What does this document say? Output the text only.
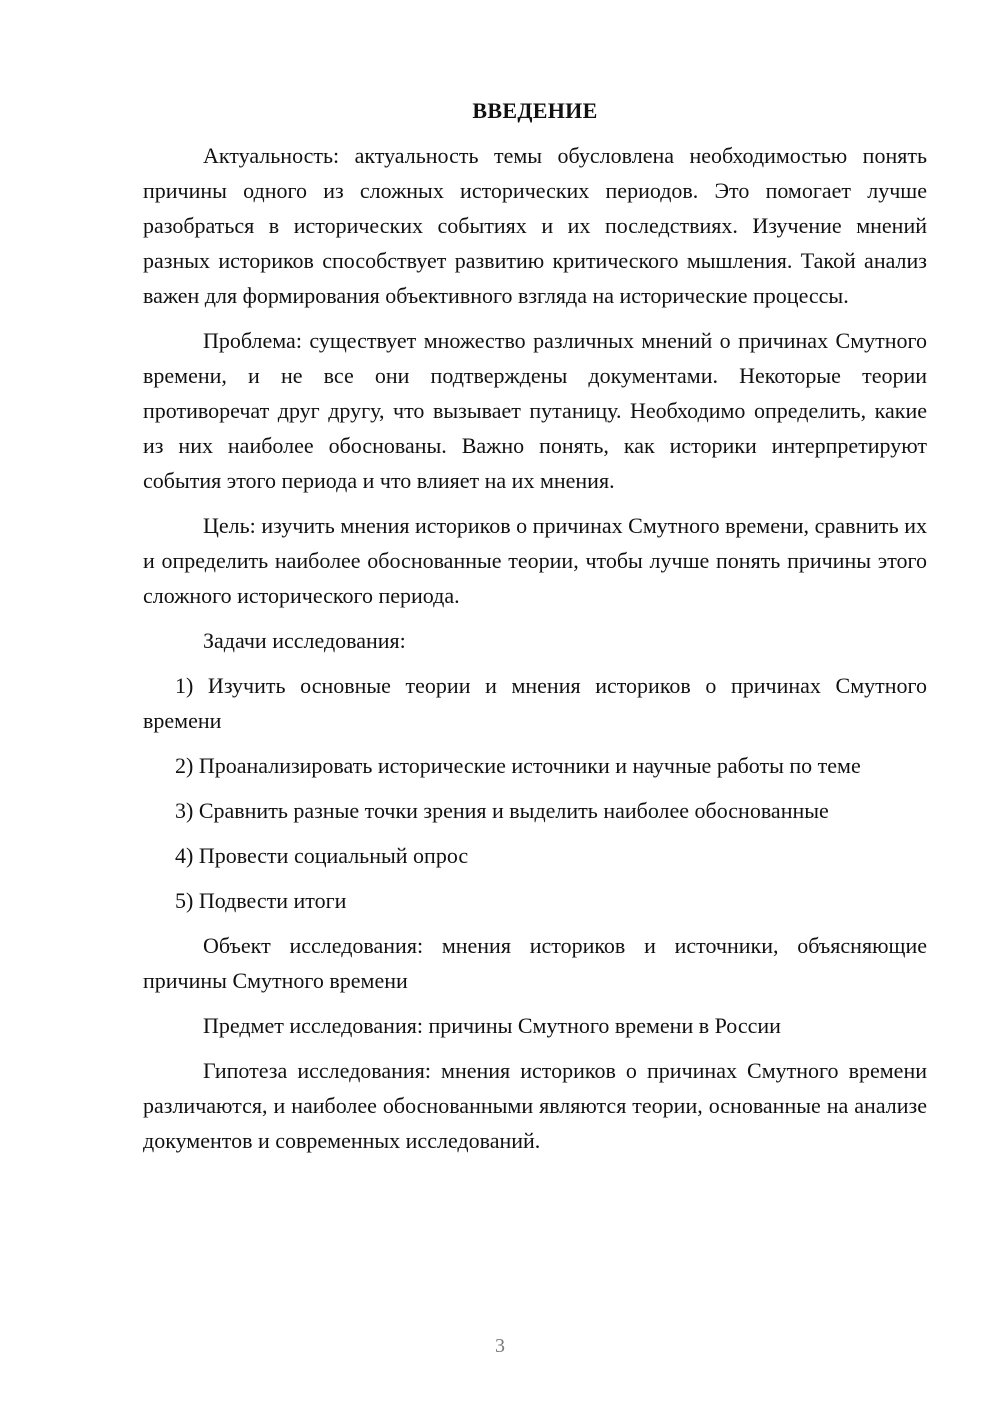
ВВЕДЕНИЕ

Актуальность: актуальность темы обусловлена необходимостью понять причины одного из сложных исторических периодов. Это помогает лучше разобраться в исторических событиях и их последствиях. Изучение мнений разных историков способствует развитию критического мышления. Такой анализ важен для формирования объективного взгляда на исторические процессы.

Проблема: существует множество различных мнений о причинах Смутного времени, и не все они подтверждены документами. Некоторые теории противоречат друг другу, что вызывает путаницу. Необходимо определить, какие из них наиболее обоснованы. Важно понять, как историки интерпретируют события этого периода и что влияет на их мнения.

Цель: изучить мнения историков о причинах Смутного времени, сравнить их и определить наиболее обоснованные теории, чтобы лучше понять причины этого сложного исторического периода.

Задачи исследования:

1) Изучить основные теории и мнения историков о причинах Смутного времени

2) Проанализировать исторические источники и научные работы по теме

3) Сравнить разные точки зрения и выделить наиболее обоснованные

4) Провести социальный опрос

5) Подвести итоги

Объект исследования: мнения историков и источники, объясняющие причины Смутного времени

Предмет исследования: причины Смутного времени в России

Гипотеза исследования: мнения историков о причинах Смутного времени различаются, и наиболее обоснованными являются теории, основанные на анализе документов и современных исследований.

3
